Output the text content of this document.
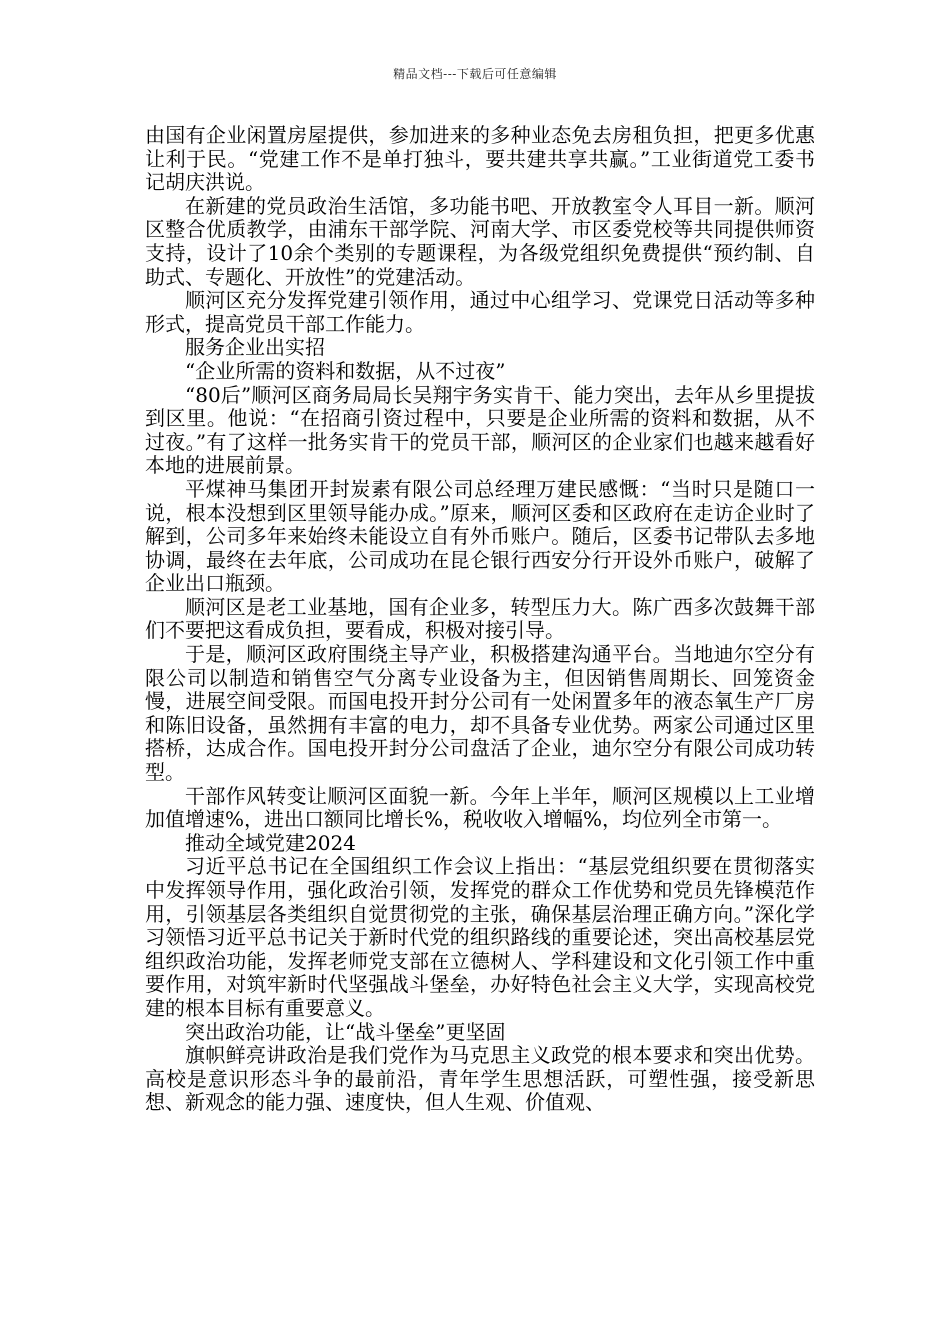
精品文档---下载后可任意编辑

由国有企业闲置房屋提供，参加进来的多种业态免去房租负担，把更多优惠让利于民。“党建工作不是单打独斗，要共建共享共赢。”工业街道党工委书记胡庆洪说。

在新建的党员政治生活馆，多功能书吧、开放教室令人耳目一新。顺河区整合优质教学，由浦东干部学院、河南大学、市区委党校等共同提供师资支持，设计了10余个类别的专题课程，为各级党组织免费提供“预约制、自助式、专题化、开放性”的党建活动。

顺河区充分发挥党建引领作用，通过中心组学习、党课党日活动等多种形式，提高党员干部工作能力。

服务企业出实招

“企业所需的资料和数据，从不过夜”

“80后”顺河区商务局局长吴翔宇务实肯干、能力突出，去年从乡里提拔到区里。他说：“在招商引资过程中，只要是企业所需的资料和数据，从不过夜。”有了这样一批务实肯干的党员干部，顺河区的企业家们也越来越看好本地的进展前景。

平煤神马集团开封炭素有限公司总经理万建民感慨：“当时只是随口一说，根本没想到区里领导能办成。”原来，顺河区委和区政府在走访企业时了解到，公司多年来始终未能设立自有外币账户。随后，区委书记带队去多地协调，最终在去年底，公司成功在昆仑银行西安分行开设外币账户，破解了企业出口瓶颈。

顺河区是老工业基地，国有企业多，转型压力大。陈广西多次鼓舞干部们不要把这看成负担，要看成，积极对接引导。

于是，顺河区政府围绕主导产业，积极搭建沟通平台。当地迪尔空分有限公司以制造和销售空气分离专业设备为主，但因销售周期长、回笼资金慢，进展空间受限。而国电投开封分公司有一处闲置多年的液态氧生产厂房和陈旧设备，虽然拥有丰富的电力，却不具备专业优势。两家公司通过区里搭桥，达成合作。国电投开封分公司盘活了企业，迪尔空分有限公司成功转型。

干部作风转变让顺河区面貌一新。今年上半年，顺河区规模以上工业增加值增速%，进出口额同比增长%，税收收入增幅%，均位列全市第一。

推动全域党建2024

习近平总书记在全国组织工作会议上指出：“基层党组织要在贯彻落实中发挥领导作用，强化政治引领，发挥党的群众工作优势和党员先锋模范作用，引领基层各类组织自觉贯彻党的主张，确保基层治理正确方向。”深化学习领悟习近平总书记关于新时代党的组织路线的重要论述，突出高校基层党组织政治功能，发挥老师党支部在立德树人、学科建设和文化引领工作中重要作用，对筑牢新时代坚强战斗堡垒，办好特色社会主义大学，实现高校党建的根本目标有重要意义。

突出政治功能，让“战斗堡垒”更坚固

旗帜鲜亮讲政治是我们党作为马克思主义政党的根本要求和突出优势。高校是意识形态斗争的最前沿，青年学生思想活跃，可塑性强，接受新思想、新观念的能力强、速度快，但人生观、价值观、
